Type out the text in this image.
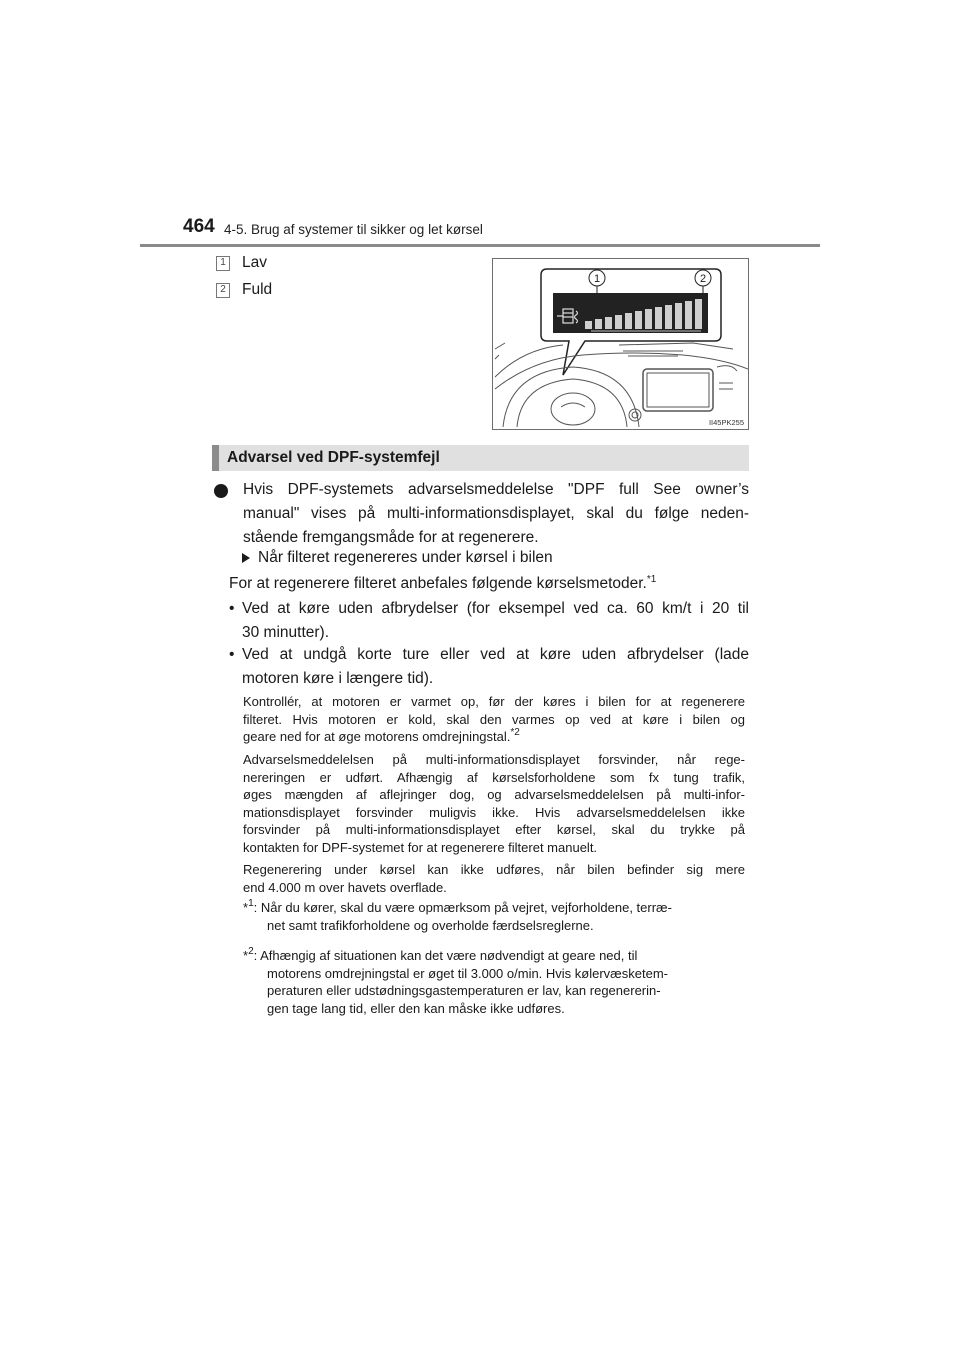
464 4-5. Brug af systemer til sikker og let kørsel
1 Lav
2 Fuld
1	2
II45PK255
Advarsel ved DPF-systemfejl
Hvis DPF-systemets advarselsmeddelelse "DPF full See owner’s
manual" vises på multi-informationsdisplayet, skal du følge neden-
stående fremgangsmåde for at regenerere.
Når filteret regenereres under kørsel i bilen
For at regenerere filteret anbefales følgende kørselsmetoder.$^{*1}$
• Ved at køre uden afbrydelser (for eksempel ved ca. 60 km/t i 20 til
30 minutter).
• Ved at undgå korte ture eller ved at køre uden afbrydelser (lade
motoren køre i længere tid).
Kontrollér, at motoren er varmet op, før der køres i bilen for at regenerere
filteret. Hvis motoren er kold, skal den varmes op ved at køre i bilen og
geare ned for at øge motorens omdrejningstal.$^{*2}$
Advarselsmeddelelsen på multi-informationsdisplayet forsvinder, når rege-
nereringen er udført. Afhængig af kørselsforholdene som fx tung trafik,
øges mængden af aflejringer dog, og advarselsmeddelelsen på multi-infor-
mationsdisplayet forsvinder muligvis ikke. Hvis advarselsmeddelelsen ikke
forsvinder på multi-informationsdisplayet efter kørsel, skal du trykke på
kontakten for DPF-systemet for at regenerere filteret manuelt.
Regenerering under kørsel kan ikke udføres, når bilen befinder sig mere
end 4.000 m over havets overflade.
*$^1$: Når du kører, skal du være opmærksom på vejret, vejforholdene, terræ-
net samt trafikforholdene og overholde færdselsreglerne.
*$^2$: Afhængig af situationen kan det være nødvendigt at geare ned, til
motorens omdrejningstal er øget til 3.000 o/min. Hvis kølervæsketem-
peraturen eller udstødningsgastemperaturen er lav, kan regenererin-
gen tage lang tid, eller den kan måske ikke udføres.
